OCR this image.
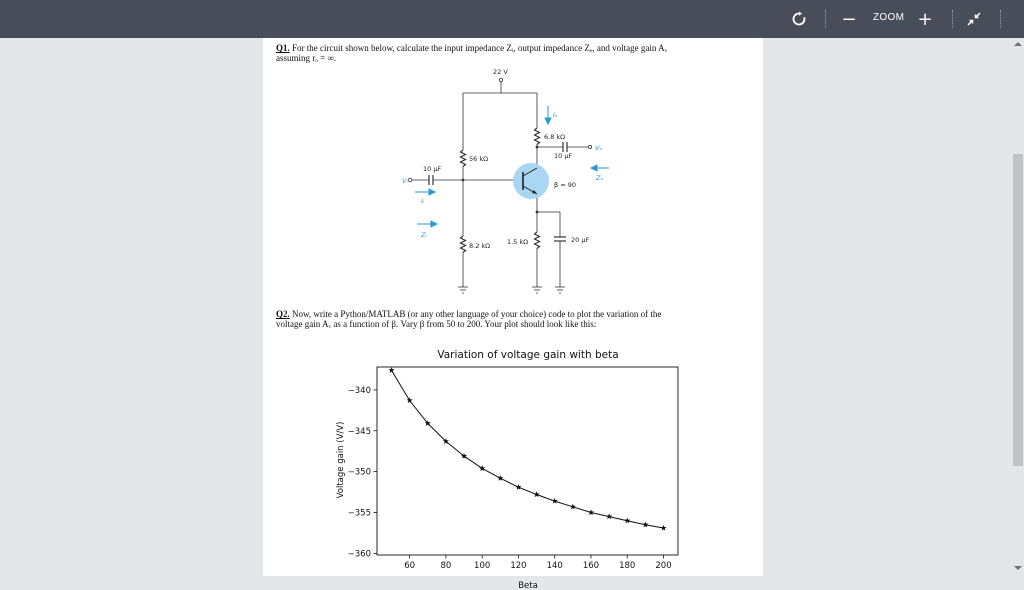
−	ZOOM +
Q1. For the circuit shown below, calculate the input impedance Zᵢ, output impedance Zₒ, and voltage gain Aᵥ
assuming rₒ = ∞.
22 V
56 kΩ
8.2 kΩ
6.8 kΩ
1.5 kΩ
10 μF
10 μF
20 μF
β = 90
Vᵢ
Vₒ
Iₒ
Iᵢ
Zᵢ
Zₒ
Q2. Now, write a Python/MATLAB (or any other language of your choice) code to plot the variation of the
voltage gain Aᵥ as a function of β. Vary β from 50 to 200. Your plot should look like this:
Variation of voltage gain with beta
−340
−345
−350
−355
−360
60	80	100 120 140 160 180 200
Voltage gain (V/V)
Beta
